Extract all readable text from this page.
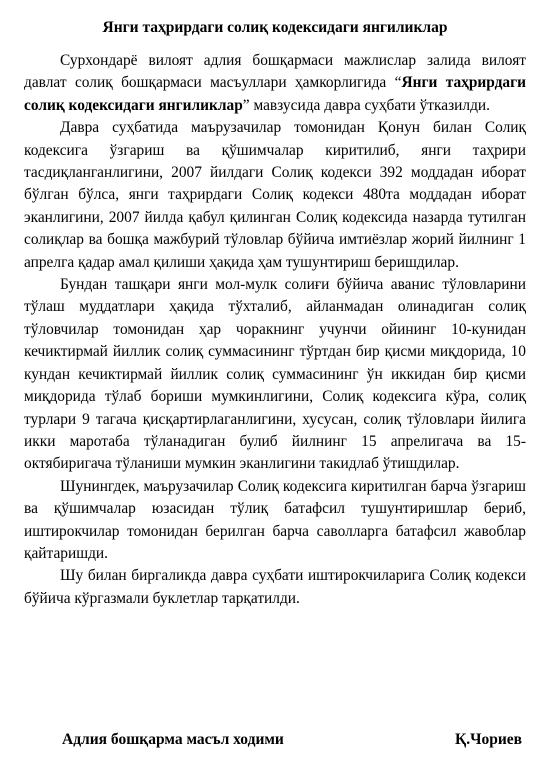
Янги таҳрирдаги солиқ кодексидаги янгиликлар

Сурхондарё вилоят адлия бошқармаси мажлислар залида вилоят давлат солиқ бошқармаси масъуллари ҳамкорлигида “Янги таҳрирдаги солиқ кодексидаги янгиликлар” мавзусида давра суҳбати ўтказилди.

Давра суҳбатида маърузачилар томонидан Қонун билан Солиқ кодексига ўзгариш ва қўшимчалар киритилиб, янги таҳрири тасдиқланганлигини, 2007 йилдаги Солиқ кодекси 392 моддадан иборат бўлган бўлса, янги таҳрирдаги Солиқ кодекси 480та моддадан иборат эканлигини, 2007 йилда қабул қилинган Солиқ кодексида назарда тутилган солиқлар ва бошқа мажбурий тўловлар бўйича имтиёзлар жорий йилнинг 1 апрелга қадар амал қилиши ҳақида ҳам тушунтириш беришдилар.

Бундан ташқари янги мол-мулк солиғи бўйича аванис тўловларини тўлаш муддатлари ҳақида тўхталиб, айланмадан олинадиган солиқ тўловчилар томонидан ҳар чоракнинг учунчи ойининг 10-кунидан кечиктирмай йиллик солиқ суммасининг тўртдан бир қисми миқдорида, 10 кундан кечиктирмай йиллик солиқ суммасининг ўн иккидан бир қисми миқдорида тўлаб бориши мумкинлигини, Солиқ кодексига кўра, солиқ турлари 9 тагача қисқартирлаганлигини, хусусан, солиқ тўловлари йилига икки маротаба тўланадиган булиб йилнинг 15 апрелигача ва 15-октябиригача тўланиши мумкин эканлигини такидлаб ўтишдилар.

Шунингдек, маърузачилар Солиқ кодексига киритилган барча ўзгариш ва қўшимчалар юзасидан тўлиқ батафсил тушунтиришлар бериб, иштирокчилар томонидан берилган барча саволларга батафсил жавоблар қайтаришди.

Шу билан биргаликда давра суҳбати иштирокчиларига Солиқ кодекси бўйича кўргазмали буклетлар тарқатилди.

Адлия бошқарма масъл ходими	Қ.Чориев
